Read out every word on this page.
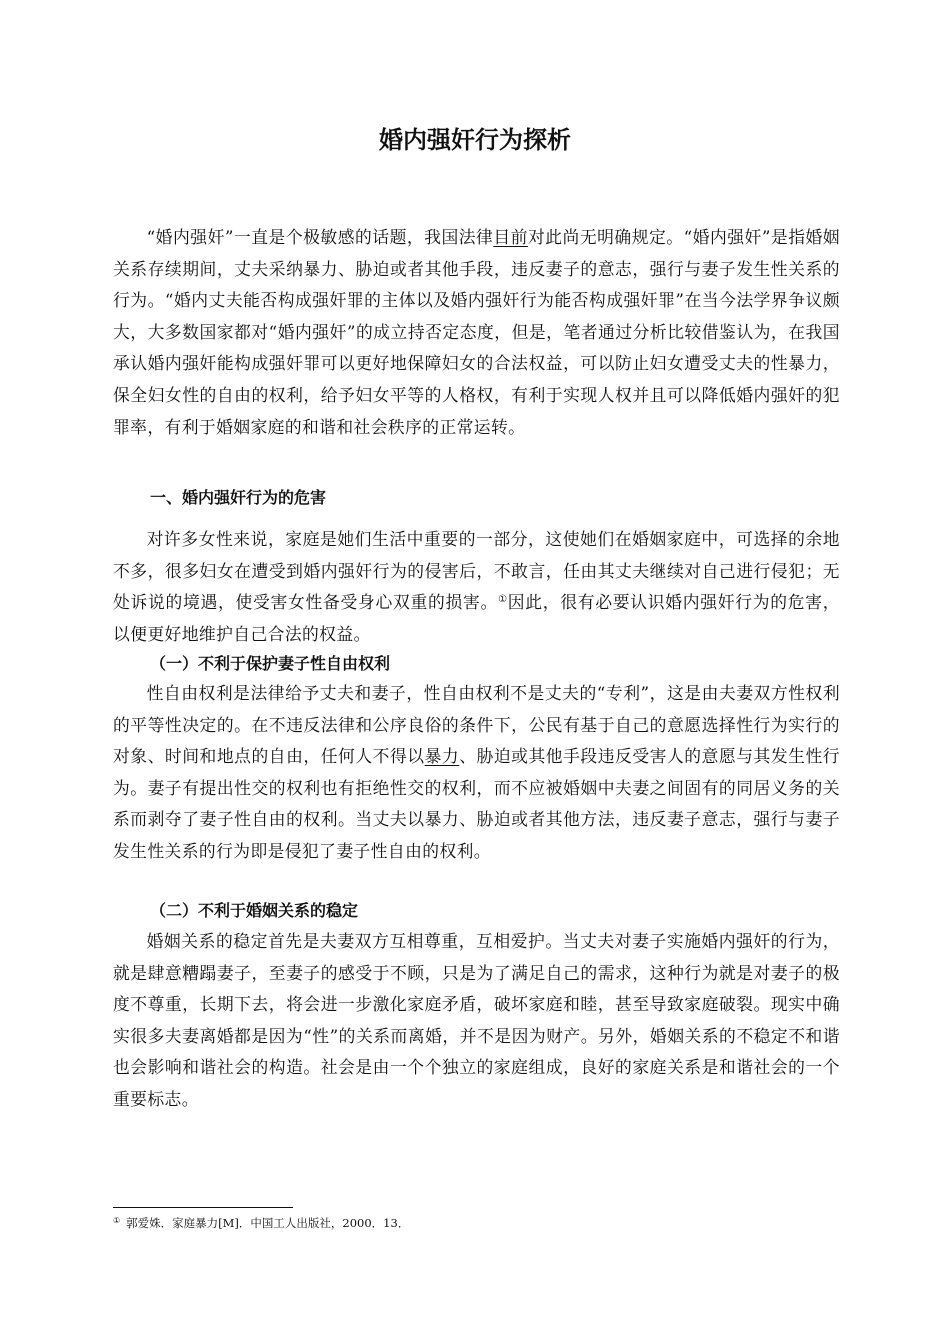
婚内强奸行为探析

“婚内强奸”一直是个极敏感的话题，我国法律目前对此尚无明确规定。“婚内强奸”是指婚姻关系存续期间，丈夫采纳暴力、胁迫或者其他手段，违反妻子的意志，强行与妻子发生性关系的行为。“婚内丈夫能否构成强奸罪的主体以及婚内强奸行为能否构成强奸罪”在当今法学界争议颇大，大多数国家都对“婚内强奸”的成立持否定态度，但是，笔者通过分析比较借鉴认为，在我国承认婚内强奸能构成强奸罪可以更好地保障妇女的合法权益，可以防止妇女遭受丈夫的性暴力，保全妇女性的自由的权利，给予妇女平等的人格权，有利于实现人权并且可以降低婚内强奸的犯罪率，有利于婚姻家庭的和谐和社会秩序的正常运转。

一、婚内强奸行为的危害

对许多女性来说，家庭是她们生活中重要的一部分，这使她们在婚姻家庭中，可选择的余地不多，很多妇女在遭受到婚内强奸行为的侵害后，不敢言，任由其丈夫继续对自己进行侵犯；无处诉说的境遇，使受害女性备受身心双重的损害。①因此，很有必要认识婚内强奸行为的危害，以便更好地维护自己合法的权益。

（一）不利于保护妻子性自由权利

性自由权利是法律给予丈夫和妻子，性自由权利不是丈夫的“专利”，这是由夫妻双方性权利的平等性决定的。在不违反法律和公序良俗的条件下，公民有基于自己的意愿选择性行为实行的对象、时间和地点的自由，任何人不得以暴力、胁迫或其他手段违反受害人的意愿与其发生性行为。妻子有提出性交的权利也有拒绝性交的权利，而不应被婚姻中夫妻之间固有的同居义务的关系而剥夺了妻子性自由的权利。当丈夫以暴力、胁迫或者其他方法，违反妻子意志，强行与妻子发生性关系的行为即是侵犯了妻子性自由的权利。

（二）不利于婚姻关系的稳定

婚姻关系的稳定首先是夫妻双方互相尊重，互相爱护。当丈夫对妻子实施婚内强奸的行为，就是肆意糟蹋妻子，至妻子的感受于不顾，只是为了满足自己的需求，这种行为就是对妻子的极度不尊重，长期下去，将会进一步激化家庭矛盾，破坏家庭和睦，甚至导致家庭破裂。现实中确实很多夫妻离婚都是因为“性”的关系而离婚，并不是因为财产。另外，婚姻关系的不稳定不和谐也会影响和谐社会的构造。社会是由一个个独立的家庭组成，良好的家庭关系是和谐社会的一个重要标志。

① 郭爱姝．家庭暴力[M]．中国工人出版社，2000．13．
